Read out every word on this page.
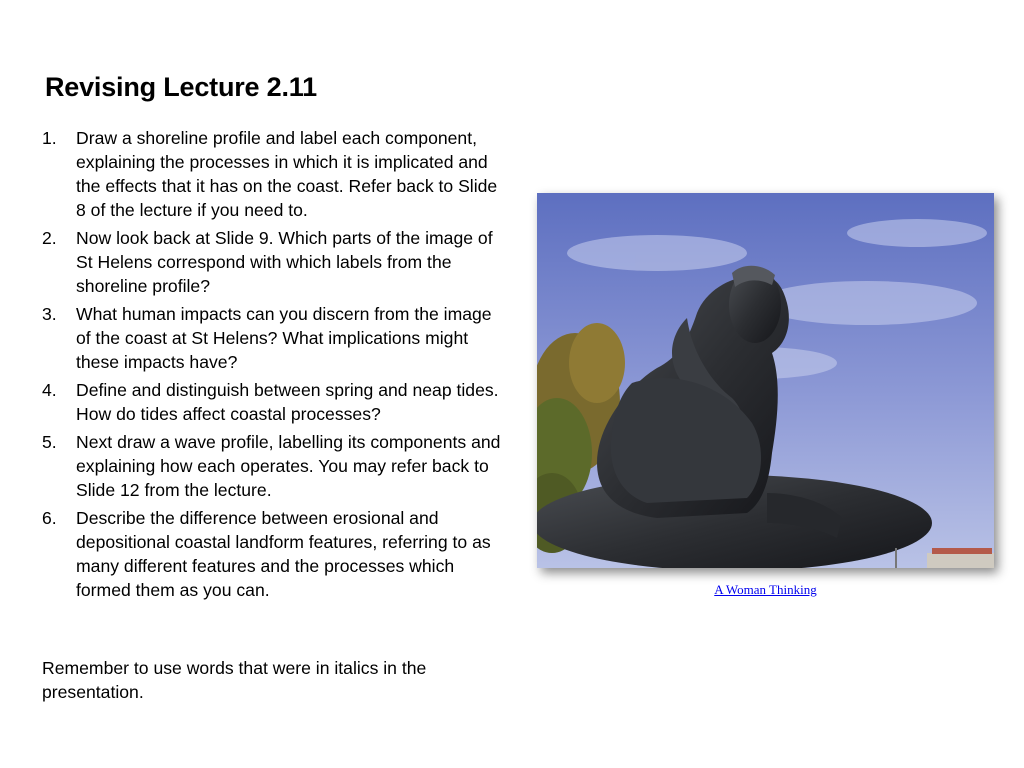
Revising Lecture 2.11
1. Draw a shoreline profile and label each component, explaining the processes in which it is implicated and the effects that it has on the coast. Refer back to Slide 8 of the lecture if you need to.
2. Now look back at Slide 9. Which parts of the image of St Helens correspond with which labels from the shoreline profile?
3. What human impacts can you discern from the image of the coast at St Helens? What implications might these impacts have?
4. Define and distinguish between spring and neap tides. How do tides affect coastal processes?
5. Next draw a wave profile, labelling its components and explaining how each operates. You may refer back to Slide 12 from the lecture.
6. Describe the difference between erosional and depositional coastal landform features, referring to as many different features and the processes which formed them as you can.

Remember to use words that were in italics in the presentation.

A Woman Thinking
